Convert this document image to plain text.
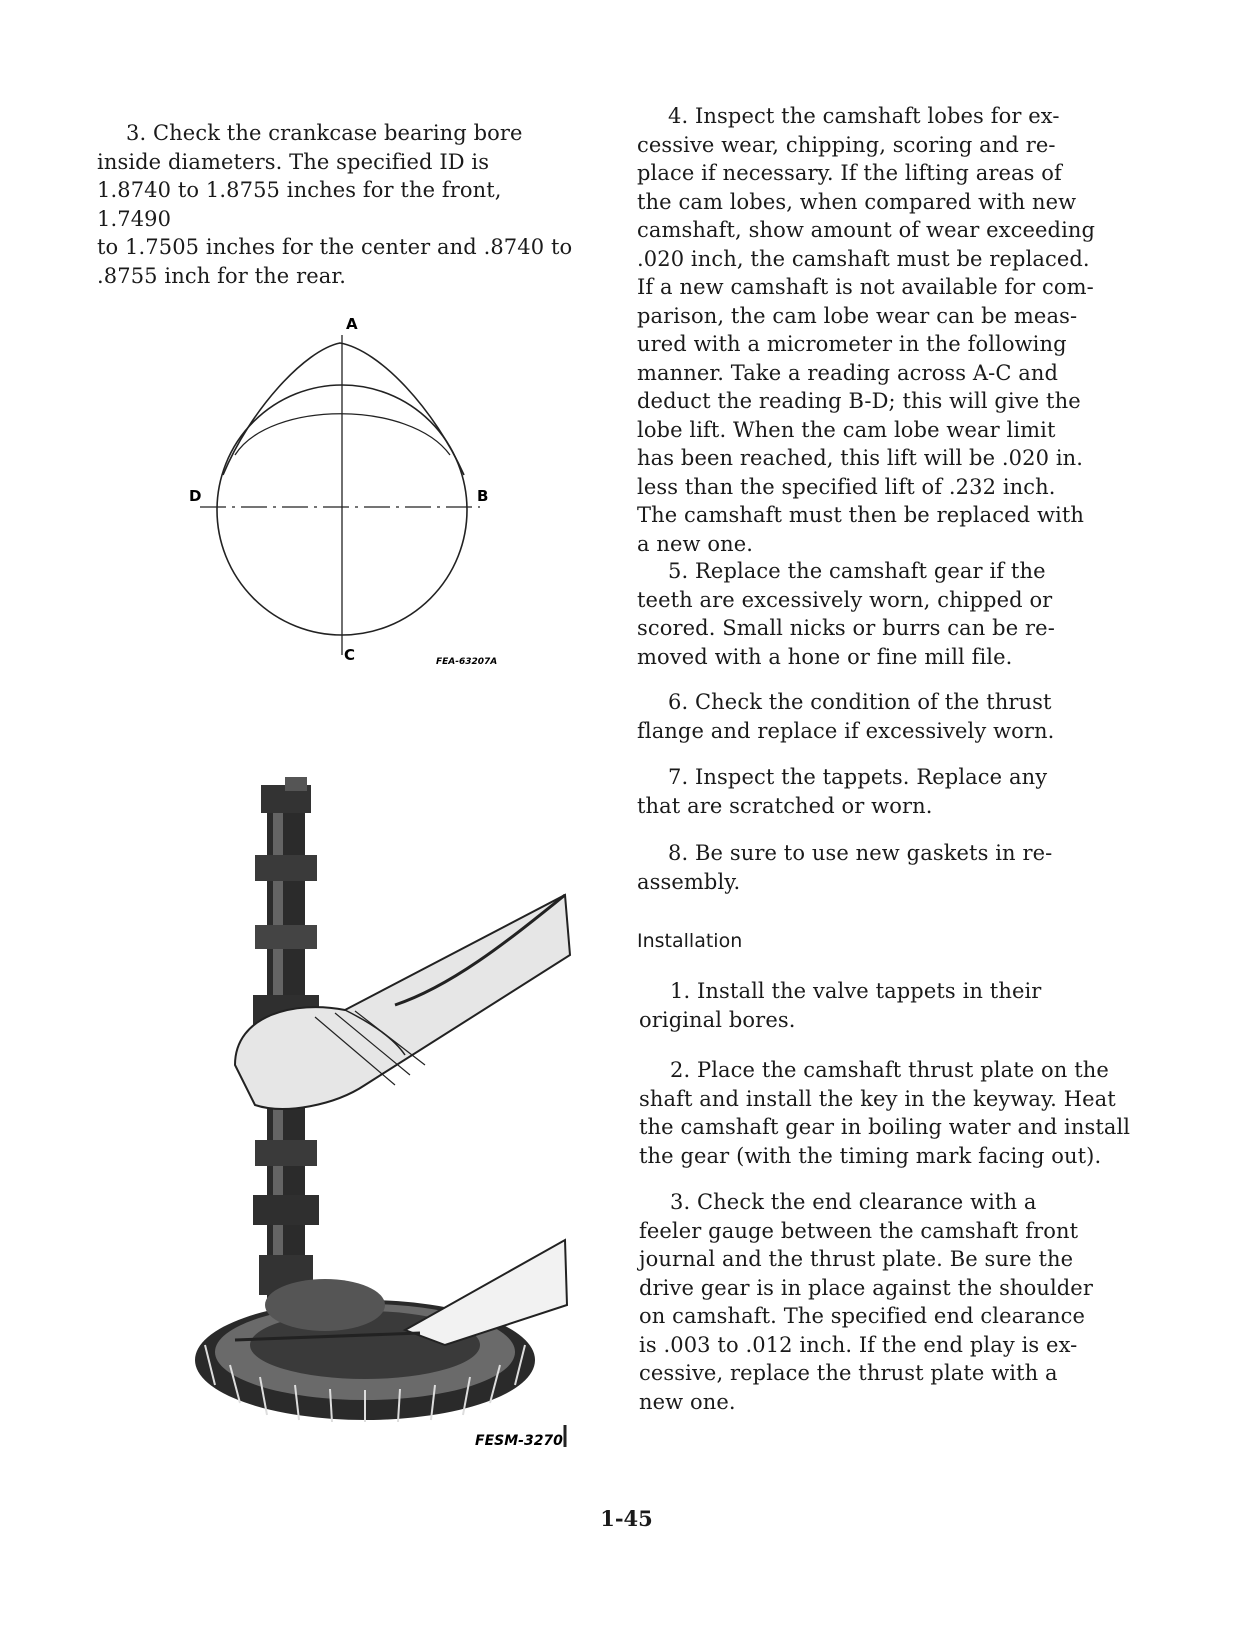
3. Check the crankcase bearing bore
inside diameters. The specified ID is
1.8740 to 1.8755 inches for the front, 1.7490
to 1.7505 inches for the center and .8740 to
.8755 inch for the rear.

A
B
C
D
FEA-63207A
FESM-3270

4. Inspect the camshaft lobes for ex-
cessive wear, chipping, scoring and re-
place if necessary. If the lifting areas of
the cam lobes, when compared with new
camshaft, show amount of wear exceeding
.020 inch, the camshaft must be replaced.
If a new camshaft is not available for com-
parison, the cam lobe wear can be meas-
ured with a micrometer in the following
manner. Take a reading across A-C and
deduct the reading B-D; this will give the
lobe lift. When the cam lobe wear limit
has been reached, this lift will be .020 in.
less than the specified lift of .232 inch.
The camshaft must then be replaced with
a new one.

5. Replace the camshaft gear if the
teeth are excessively worn, chipped or
scored. Small nicks or burrs can be re-
moved with a hone or fine mill file.

6. Check the condition of the thrust
flange and replace if excessively worn.

7. Inspect the tappets. Replace any
that are scratched or worn.

8. Be sure to use new gaskets in re-
assembly.

Installation

1. Install the valve tappets in their
original bores.

2. Place the camshaft thrust plate on the
shaft and install the key in the keyway. Heat
the camshaft gear in boiling water and install
the gear (with the timing mark facing out).

3. Check the end clearance with a
feeler gauge between the camshaft front
journal and the thrust plate. Be sure the
drive gear is in place against the shoulder
on camshaft. The specified end clearance
is .003 to .012 inch. If the end play is ex-
cessive, replace the thrust plate with a
new one.

1-45
